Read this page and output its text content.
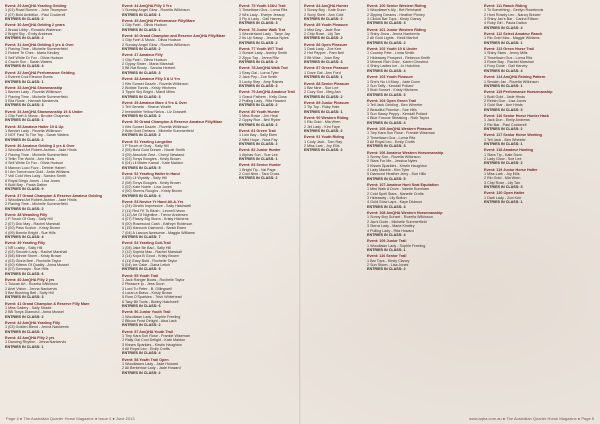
Event: 29 AmQHA Yearling Gelding
1 (01) Road Runner - John Thompson
2 (07) Bold Ambition - Paul Cockerell
ENTRIES IN CLASS: 2
Event: 30 AmQHA Gelding 2 years
1 Broad Libby - Ronaldo Waterson
2 Bright Sky - Emily Andrews
ENTRIES IN CLASS: 2
Event: 31 AmQHA Gelding 3 yrs & Over
1 Flaxing Time - Michelle Summerfield
2 Robert Te Chex - Maria Kindley
3 Self White Dr Fox - Olivia Hudson
4 Cruzin Son - Sarah Waters
ENTRIES IN CLASS: 4
Event: 32 AmQHA Performance Gelding
1 Everett Cool Eleanor Burris
ENTRIES IN CLASS: 1
Event: 33 AmQHA Showmanship
1 Banner Lady - Rozella Wilkinson
2 Flaxing Time - Michelle Summerfield
3 Ella Rosie - Hannah Nankervis
ENTRIES IN CLASS: 3
Event: 34 AmQHA Showmanship 19 & Under
1 Glip Fwirl & Music - Brooke Chapman
ENTRIES IN CLASS: 1
Event: 35 Amateur Halter 19 & Up
1 Banner Lady - Rozella Wilkinson
2 NOT Fast To The Top - Sarah Waters
ENTRIES IN CLASS: 2
Event: 36 Amateur Gelding 3 yrs & Over
1 Woodland Art Robert-Ashton - Jade Hinds
2 Flaxing Time - Michelle Summerfield
3 Tellin The World - Ann Hinds
4 Self White Dr Fox - Olivia Hudson
5 Maroon Loco Fuzz - Debbie Haberl
6 I Am Tomorrows Gold - Anita Williams
7 Voll Cold Vbrs Lady - Sandra Smith
8 Royal Diego Jones - Lisa Jones
9 Bold Bay - Paula Dalton
ENTRIES IN CLASS: 9
Event: 37 Grand Champion & Reserve Amateur Gelding
1 Woodland Art Robert-Ashton - Jade Hinds
2 Flaxing Time - Michelle Summerfield
ENTRIES IN CLASS: 2
Event: 38 Weanling Filly
1 P Touch Of Gray - Sally Hill
2 (07) Doc May - Rachel Marshall
3 (00) Pass Scotch - Kristy Brown
4 (09) Bonnie Bright - Sue Hills
ENTRIES IN CLASS: 4
Event: 39 Yearling Filly
1 NR Lustily - Sally Hill
2 (02) Smooth Lady - Rachel Marshall
3 (08) Minnie Storm - Kristy Brown
4 (03) Gloria Bee - Rochelle Taylor
5 (00) Kittens Of Quality - Anna Mussel
6 (07) Gennaya - Sue Hills
ENTRIES IN CLASS: 6
Event: 40 AmQHA Filly 2 yrs
1 Tuscan Art - Rozella Wilkinson
2 Ariel Vision - Jenna Nankervis
3 Bar Blushing Bell - Sally Hill
ENTRIES IN CLASS: 3
Event: 41 Grand Champion & Reserve Filly Mare
1 Miss Gallery - Sally Shadd
2 BB Tonys Diamond - Anna Mussel
ENTRIES IN CLASS: 2
Event: 42 AmQHA Yearling Filly
1 (03) Golden Blend - Jenna Nankervis
ENTRIES IN CLASS: 1
Event: 43 AmQHA Filly 2 yrs
1 Dancing Rhythm - Jenna Nankervis
ENTRIES IN CLASS: 1
Event: 44 AmQHA Filly 3 Yrs
1 Sunday Angel Glow - Rozella Wilkinson
ENTRIES IN CLASS: 1
Event: 45 AmQHA Performance Filly/Mare
1 Glip Fwirl - Olivia Hudson
ENTRIES IN CLASS: 1
Event: 46 Grand Champion and Reserve AmQHA Filly/Mare
1 Glip Fwirl & Music - Olivia Hudson
2 Sunday Angel Glow - Rozella Wilkinson
ENTRIES IN CLASS: 2
Event: 47 Amateur Filly
1 Glip Fwirl - Olivia Hudson
2 Gypsy Sister - Maria Marshall
3 Bit Nat Brody - Sandra Herbert
ENTRIES IN CLASS: 3
Event: 48 Amateur Filly 3 & U Yrs
1 Kits Sunset Dazzle - Rozella Wilkinson
2 Bobbie Tonnis - Kristy Hitchens
3 Tippin Sky Bright - Mardi Miles
ENTRIES IN CLASS: 3
Event: 49 Amateur Mare 4 Yrs & Over
1 Tell Genetic - Sharon Wraith
2 Irresistible Yellow Nelva - Liz Dowsett
ENTRIES IN CLASS: 2
Event: 50 Grand Champion & Reserve Amateur Filly/Mare
1 Kits Sunset Dazzle - Rozella Wilkinson
2 Bold Gold Dreams - Michelle Summerfield
ENTRIES IN CLASS: 2
Event: 51 Yearling Longeline
1 P Touch of Gray - Sally Hill
2 (05) Bold Gold Dream - Nicole Smith
3 (05) Absolute Zest - Cheryl Newland
4 (03) Tonys Boogies - Kristy Brown
5 (04) Lil Mister Kamal - Kate Maldon
ENTRIES IN CLASS: 5
Event: 52 Yearling Halter In Hand
1 (05) Lil Wyattly - Sally Hill
2 (08) Tonys Boogies - Kristy Brown
3 (02) Kate Noble - Lisa Jones
4 (00) Storms Roughs - Kristy Brown
ENTRIES IN CLASS: 4
Event: 53 Novice Yr Hand All-A-Yrs
1 (24) Ginelis Impressive - Sally Hatchwell
2 (11) Red Fit To Blush - Leonell Ivison
3 (12) Art Of Nightline - Trevor Andersen
4 (07) Flashy Big Storm - Kristy Hitchens
5 (00) Rosewood Cash - Kathryn Robinson
6 (15) Hancock Diamond - Sarah Ewen
7 (04) A Lasoon Awesome - Maggie Williams
ENTRIES IN CLASS: 7
Event: 54 Yearling Colt-Trail
1 (08) Jake Be Bad - Sally Hill
2 (12) Sophia Mac - Rachel Marshall
3 (14) Kopa B Good - Kristy Brown
4 (11) Easy Bold - Rochelle Taylor
5 (04) Ice Cake - Dana Leitch
ENTRIES IN CLASS: 5
Event: 55 Youth Trail
1 Jack Ranger Boots - Rochelle Taylor
2 Pleasure Ip - Jess Dunn
3 Lord Tu Peter - B. Gillingwell
4 Loran a Bravo - Kristy Brown
5 Rum O'Sparkles - Trish Whitehead
6 Tasy Bit Toots - Bobby Hatchwell
ENTRIES IN CLASS: 6
Event: 56 Junior Youth Trail
1 Woodlawn Lady - Sophie Freeling
2 Bilcow Frost Delight - Aisa Lack
ENTRIES IN CLASS: 2
Event: 57 AmQHA Youth Trail
1 Tiny Kara Son Rose - Frankie Wiseman
2 Rally Gal Cool Delight - Kate Maldon
3 Kisses Sparkles - Kirstin Haughton
4 All Royal Leo - Emily Crofts
ENTRIES IN CLASS: 4
Event: 58 Youth Trail Open
1 Woodlawns Lady - Jade Howard
2 Ali Berberlow Lady - Jade Howard
ENTRIES IN CLASS: 2
Event: 75 Youth 13&U Trail
1 Tinseltown Gus - Lorna Ritz
2 Wrs Lady - Evelyn Jessop
3 Fly A Lady - Gail Harvey
ENTRIES IN CLASS: 3
Event: 76 Junior Walk Trot
1 Wonderland Lady - Taryn Jay
2 Its Up Sassy - Jessica Nyles
ENTRIES IN CLASS: 2
Event: 77 Youth W/T Trail
1 Sunset Lady - Ashley Smith
2 Zippo Top - Jenna Ritz
ENTRIES IN CLASS: 2
Event: 78 AmQHA Walk Trot
1 Easy Gal - Lorna Tyler
2 Jacs Pep - Zoe Smith
3 Lucky Step - Amy Raines
ENTRIES IN CLASS: 3
Event: 79 AmQHA Amateur Trail
1 Grand Fathers - Kelly Goss
2 Pulling Lady - Rita Howard
ENTRIES IN CLASS: 2
Event: 80 Youth Hunter
1 Miss Rosie - Jen Heal
2 Gypsy Run - Bell Ryder
ENTRIES IN CLASS: 2
Event: 81 Green Trail
1 Lulu Bay - Sally Eken
2 Wild Hope - Nora Fay
ENTRIES IN CLASS: 2
Event: 82 Junior Hunter
1 Alphas Sun - Sue Lee
ENTRIES IN CLASS: 1
Event: 83 Senior Hunter
1 Bright Tip - Val Page
2 Cool Nine - Tara Cross
ENTRIES IN CLASS: 2
Event: 84 AmQHA Hunter
1 Sonny Boy - Kate Dunn
2 Sorry Steel - Ann Cole
ENTRIES IN CLASS: 2
Event: 85 Youth Pleasure
1 Mist Day - Jade Roe
2 Chip Rose - Lily Tan
ENTRIES IN CLASS: 2
Event: 86 Open Pleasure
1 Dark Lady - Zoe Kerr
2 Hot Pepper - Pam Bell
3 Bit Wise - Joan Ray
ENTRIES IN CLASS: 3
Event: 87 Green Pleasure
1 Dove Gal - Ann Ford
ENTRIES IN CLASS: 1
Event: 88 Senior Pleasure
1 Bar Nine - Sue Lee
2 Cozy Son - Meg Ash
ENTRIES IN CLASS: 2
Event: 89 Junior Pleasure
1 Tip Top - Ruby Hale
ENTRIES IN CLASS: 1
Event: 90 Western Riding
1 Rio Gold - Mia Wren
2 Jet Lady - Kim Faye
ENTRIES IN CLASS: 2
Event: 91 Youth Riding
1 Cody Jack - Tom Ray
2 Miss Lark - Joy Ellis
ENTRIES IN CLASS: 2
Event: 100 Senior Western Riding
1 Woodlawn's Aly - Bel Reinhardt
2 Zipping Dreams - Heather Pinney
3 Clickin Bar Tops - Kirsty Clancy
ENTRIES IN CLASS: 3
Event: 101 Junior Western Riding
1 Shiny Jinza - Jenna Nankervis
2 All Gold Lights - Heidi Marfort
ENTRIES IN CLASS: 2
Event: 102 Youth 19 & Under
1 Country Pete - Linda Smith
2 Hideaway Prospect - Rebecca Smith
3 Mineral Rich Gold - Karen Chestnut
4 Shiny Ladies Ice - Jo Hutchins
ENTRIES IN CLASS: 4
Event: 103 Youth Pleasure
1 She's No Lil Mary - Jade Dunn
2 Sun Taffy - Kendall Pollard
3 Bold Sunset - Kristy Hitchens
ENTRIES IN CLASS: 3
Event: 104 Open Green Trail
1 Tell Jack Gelding - Ben Wheeler
2 Beautiful Promise - Sue Hills
3 Sun Sassy Peppy - Kendall Pollard
4 Blue Foxcoe Streaking - Ruth Taylor
ENTRIES IN CLASS: 4
Event: 105 AmQHA Western Pleasure
1 Tiny Kara Son Rose - Frankie Wiseman
2 Tinseltown Gus - Lorna Ritz
3 All Royal Leo - Emily Crofts
ENTRIES IN CLASS: 3
Event: 106 Amateur Western Horsemanship
1 Sonny Son - Rozella Wilkinson
2 Stars For Me - Jessica Nyles
3 Kisses Sparkles - Kirstin Haughton
4 Lady Mackie - Kim Tyler
5 Diamond Heather Jerry - Sue Hills
ENTRIES IN CLASS: 5
Event: 107 Amateur Hunt Seat Equitation
1 Mist Walk A Dove - Valerie Burnham
2 Cold Spell Stars - Nanette Crofts
3 Hideaway - Lily Bolton
4 Gold Glow Laps - Kaye Dickson
ENTRIES IN CLASS: 4
Event: 108 AmQHA Western Horsemanship
1 Sonny Boy Sunset - Rozella Wilkinson
2 Jac's Dude - Michelle Summerfield
3 Sierra Lady - Maria Kindley
4 Pulling Lady - Rita Howard
ENTRIES IN CLASS: 4
Event: 109 Junior Trail
1 Woodlawn Lady - Sophie Freeling
ENTRIES IN CLASS: 1
Event: 110 Senior Trail
1 Bar Tops - Kirsty Clancy
2 Sun Storm - Lisa Jones
ENTRIES IN CLASS: 2
Event: 111 Ranch Riding
1 To Something - Gerilyn Rosebrook
2 Hunt Rowdy Leo - Nancy Brewer
3 Shiny Jac's Bar - Carina Ellison
4 Ruby Girl - Paula Dalton
ENTRIES IN CLASS: 4
Event: 112 Select Amateur Ranch
1 Rio Gold Mac - Maggie Williams
ENTRIES IN CLASS: 1
Event: 113 Green Horse Trail
1 Shiny Stars - Jenny Mills
2 Tinseltown Gus - Lorna Ritz
3 Rosie Bay - Rachel Marshall
4 Foxy Dude - Gail Harvey
ENTRIES IN CLASS: 4
Event: 114 AmQHA Reining Pattern
1 Smokin Jac - Rozella Wilkinson
ENTRIES IN CLASS: 1
Event: 115 Performance Horsemanship
1 Bold Gold - Jade Hinds
2 Reinin Dun - Lisa Jones
3 Gold Star - Ann Hinds
ENTRIES IN CLASS: 3
Event: 116 Senior Horse Hunter Hack
1 Jack Dun - Emily Andrews
2 Rio Bar - Paul Cockerell
ENTRIES IN CLASS: 2
Event: 117 Senior Horse Working
1 Tell Jack - Ben Wheeler
ENTRIES IN CLASS: 1
Event: 118 Amateur Hunting
1 Stars Tip - Kate Dunn
2 Lady Glow - Sue Lee
ENTRIES IN CLASS: 2
Event: 119 Junior Horse Halter
1 Miss Lark - Joy Ellis
2 Rio Gold - Mia Wren
3 Chip Rose - Lily Tan
ENTRIES IN CLASS: 3
Event: 120 Open Halter
1 Dark Lady - Zoe Kerr
ENTRIES IN CLASS: 1
Page 4 ● The Australian Quarter Horse Magazine ● Issue 4 ● June 2013	www.aqha.com.au ● The Australian Quarter Horse Magazine ● Page 5
